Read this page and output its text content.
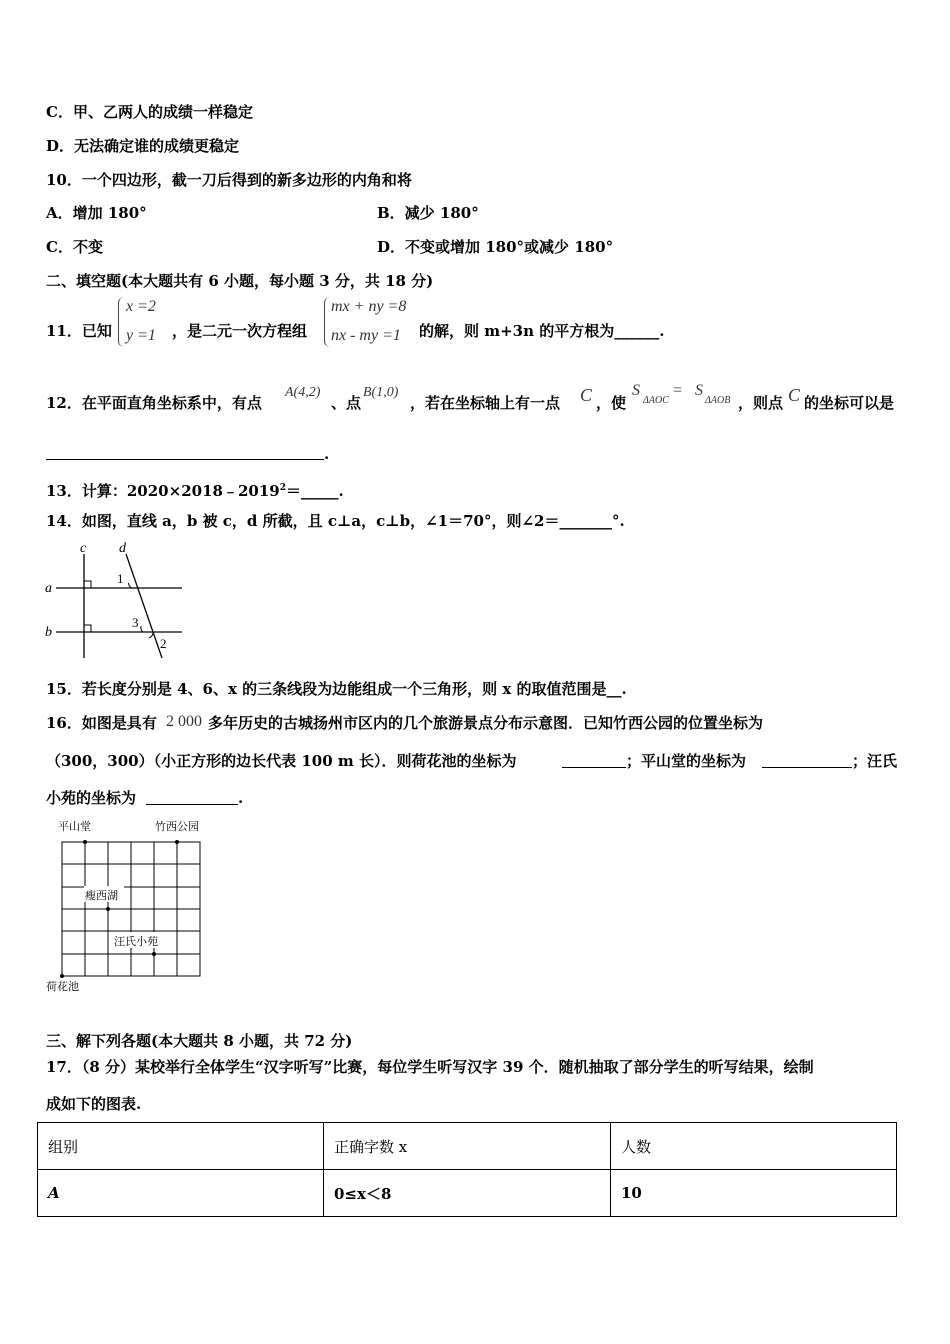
C．甲、乙两人的成绩一样稳定
D．无法确定谁的成绩更稳定
10．一个四边形，截一刀后得到的新多边形的内角和将
A．增加 180°	B．减少 180°
C．不变	D．不变或增加 180°或减少 180°
二、填空题(本大题共有 6 小题，每小题 3 分，共 18 分)
11．已知
x =2
y =1 ，是二元一次方程组
mx + ny =8
nx - my =1 的解，则 m+3n 的平方根为______.
12．在平面直角坐标系中，有点
A(4,2)
、点
B(1,0)
，若在坐标轴上有一点 C ，使
S
ΔAOC
= S
ΔAOB ，则点 C 的坐标可以是
.
13．计算：$2020\times 2018﹣2019^2=\_\_\_\_\_$.
14．如图，直线 a，b 被 c，d 所截，且 c⊥a，c⊥b，∠1＝70°，则∠2＝_______°.
c d
a
b
1
3
2
15．若长度分别是 4、6、x 的三条线段为边能组成一个三角形，则 x 的取值范围是__.
16．如图是具有 2 000 多年历史的古城扬州市区内的几个旅游景点分布示意图．已知竹西公园的位置坐标为
（300，300）（小正方形的边长代表 100 m 长）．则荷花池的坐标为	；平山堂的坐标为	；汪氏
小苑的坐标为	.
平山堂	竹西公园
瘦西湖
汪氏小苑
荷花池
三、解下列各题(本大题共 8 小题，共 72 分)
17．（8 分）某校举行全体学生“汉字听写”比赛，每位学生听写汉字 39 个．随机抽取了部分学生的听写结果，绘制
成如下的图表.
组别	正确字数 x	人数
A	0≤x＜8	10
